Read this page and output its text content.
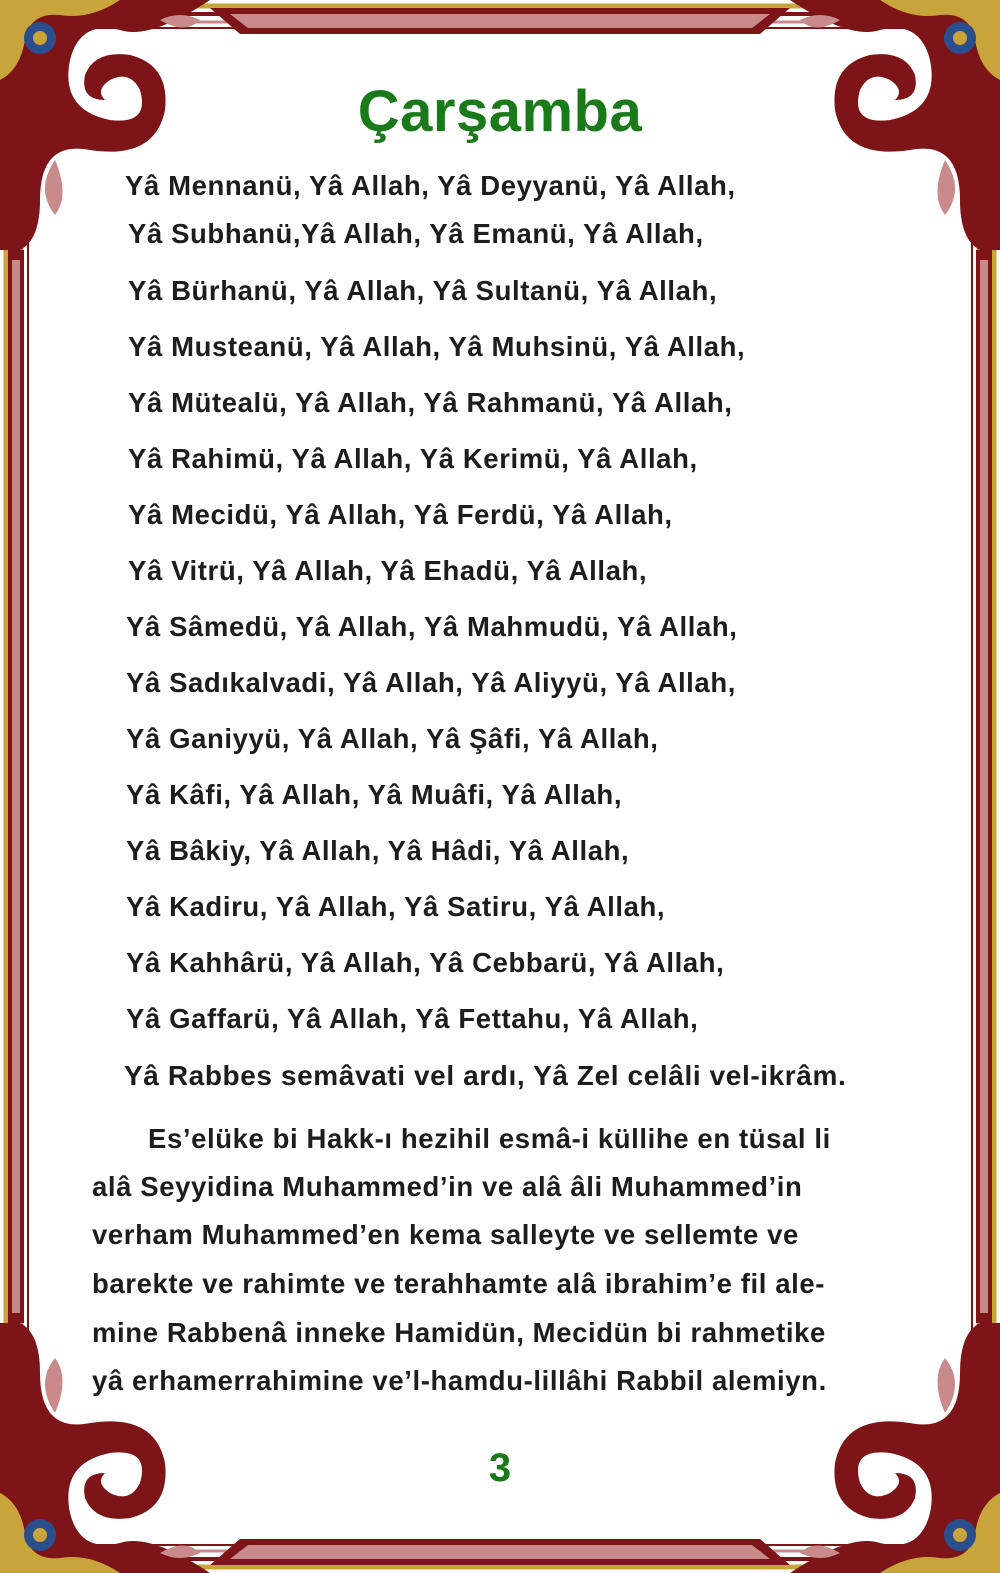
Çarşamba
Yâ Mennanü, Yâ Allah, Yâ Deyyanü, Yâ Allah,
Yâ Subhanü,Yâ Allah, Yâ Emanü, Yâ Allah,
Yâ Bürhanü, Yâ Allah, Yâ Sultanü, Yâ Allah,
Yâ Musteanü, Yâ Allah, Yâ Muhsinü, Yâ Allah,
Yâ Mütealü, Yâ Allah, Yâ Rahmanü, Yâ Allah,
Yâ Rahimü, Yâ Allah, Yâ Kerimü, Yâ Allah,
Yâ Mecidü, Yâ Allah, Yâ Ferdü, Yâ Allah,
Yâ Vitrü, Yâ Allah, Yâ Ehadü, Yâ Allah,
Yâ Sâmedü, Yâ Allah, Yâ Mahmudü, Yâ Allah,
Yâ Sadıkalvadi, Yâ Allah, Yâ Aliyyü, Yâ Allah,
Yâ Ganiyyü, Yâ Allah, Yâ Şâfi, Yâ Allah,
Yâ Kâfi, Yâ Allah, Yâ Muâfi, Yâ Allah,
Yâ Bâkiy, Yâ Allah, Yâ Hâdi, Yâ Allah,
Yâ Kadiru, Yâ Allah, Yâ Satiru, Yâ Allah,
Yâ Kahhârü, Yâ Allah, Yâ Cebbarü, Yâ Allah,
Yâ Gaffarü, Yâ Allah, Yâ Fettahu, Yâ Allah,
Yâ Rabbes semâvati vel ardı, Yâ Zel celâli vel-ikrâm.
Es’elüke bi Hakk-ı hezihil esmâ-i küllihe en tüsal li
alâ Seyyidina Muhammed’in ve alâ âli Muhammed’in
verham Muhammed’en kema salleyte ve sellemte ve
barekte ve rahimte ve terahhamte alâ ibrahim’e fil ale-
mine Rabbenâ inneke Hamidün, Mecidün bi rahmetike
yâ erhamerrahimine ve’l-hamdu-lillâhi Rabbil alemiyn.
3
